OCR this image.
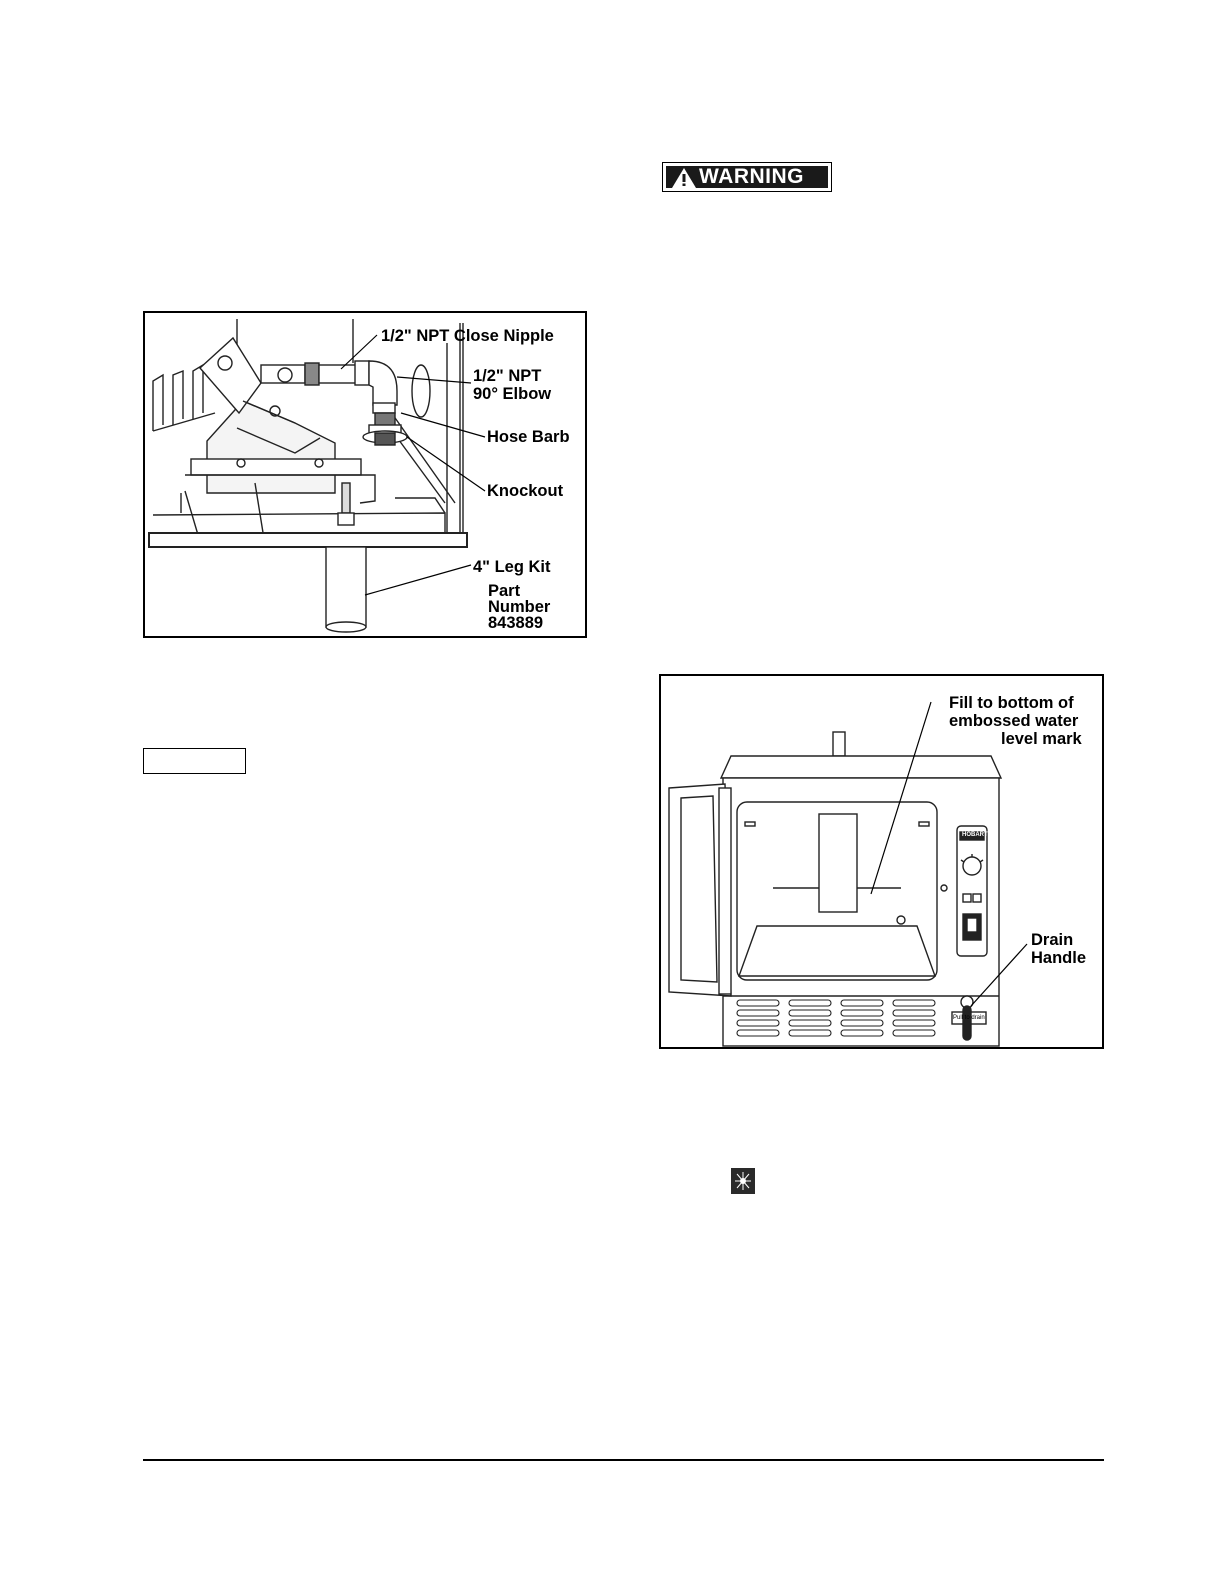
WARNING
1/2" NPT Close Nipple
1/2" NPT
90° Elbow
Hose Barb
Knockout
4" Leg Kit
Part
Number
843889
HOBART
Pull to drain
Fill to bottom of
embossed water
level mark
Drain
Handle
